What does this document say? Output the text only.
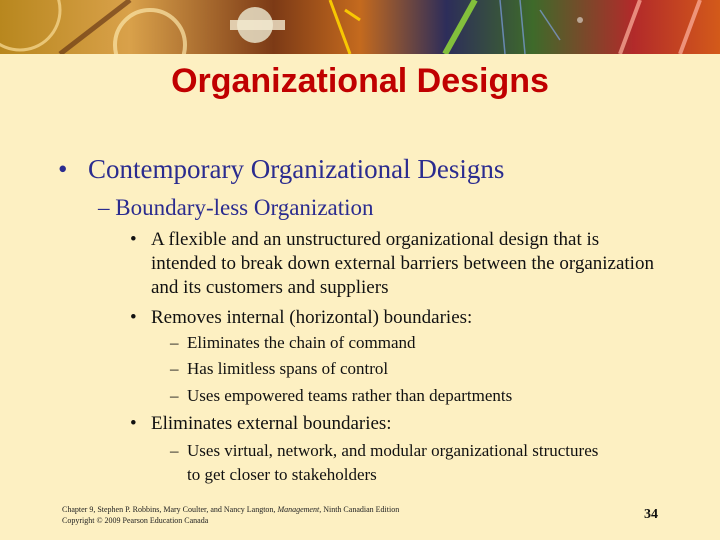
Organizational Designs
• Contemporary Organizational Designs
– Boundary-less Organization
• A flexible and an unstructured organizational design that is intended to break down external barriers between the organization and its customers and suppliers
• Removes internal (horizontal) boundaries:
– Eliminates the chain of command
– Has limitless spans of control
– Uses empowered teams rather than departments
• Eliminates external boundaries:
– Uses virtual, network, and modular organizational structures to get closer to stakeholders
Chapter 9, Stephen P. Robbins, Mary Coulter, and Nancy Langton, Management, Ninth Canadian Edition
Copyright © 2009 Pearson Education Canada	34
